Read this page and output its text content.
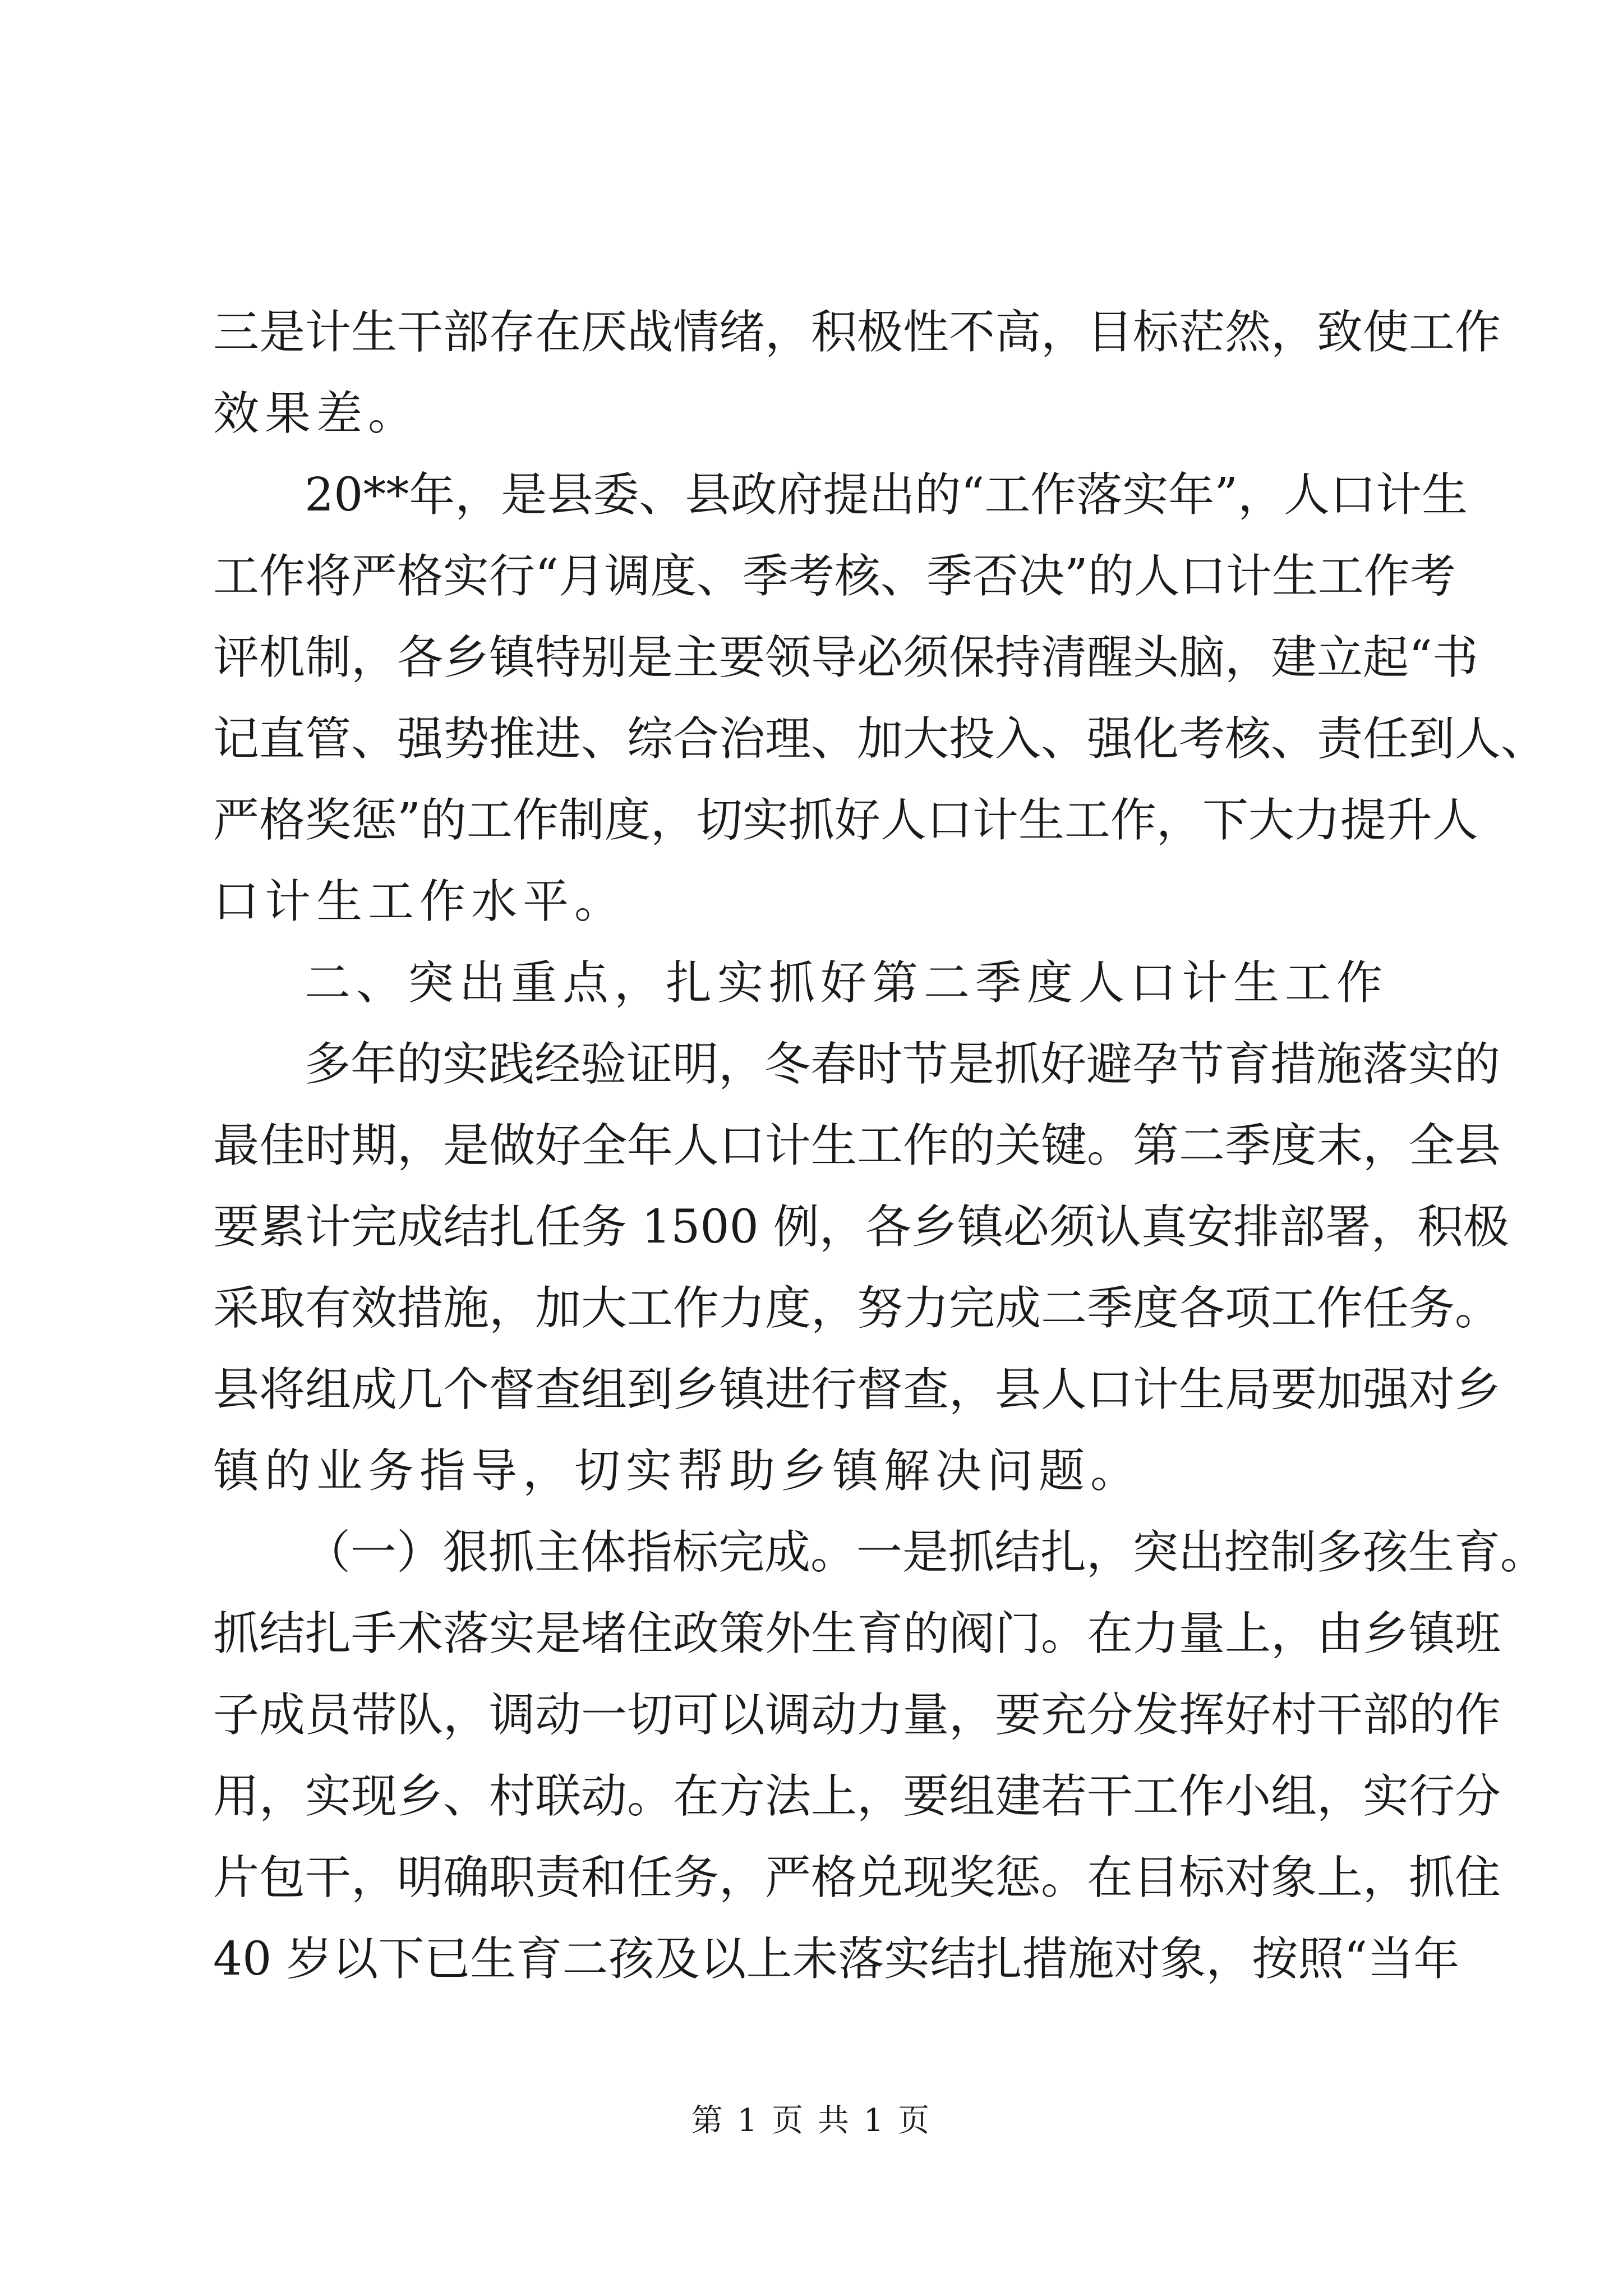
三是计生干部存在厌战情绪，积极性不高，目标茫然，致使工作
效果差。
20**年，是县委、县政府提出的“工作落实年”，人口计生
工作将严格实行“月调度、季考核、季否决”的人口计生工作考
评机制，各乡镇特别是主要领导必须保持清醒头脑，建立起“书
记直管、强势推进、综合治理、加大投入、强化考核、责任到人、
严格奖惩”的工作制度，切实抓好人口计生工作，下大力提升人
口计生工作水平。
二、突出重点，扎实抓好第二季度人口计生工作
多年的实践经验证明，冬春时节是抓好避孕节育措施落实的
最佳时期，是做好全年人口计生工作的关键。第二季度末，全县
要累计完成结扎任务 1500 例，各乡镇必须认真安排部署，积极
采取有效措施，加大工作力度，努力完成二季度各项工作任务。
县将组成几个督查组到乡镇进行督查，县人口计生局要加强对乡
镇的业务指导，切实帮助乡镇解决问题。
（一）狠抓主体指标完成。一是抓结扎，突出控制多孩生育。
抓结扎手术落实是堵住政策外生育的阀门。在力量上，由乡镇班
子成员带队，调动一切可以调动力量，要充分发挥好村干部的作
用，实现乡、村联动。在方法上，要组建若干工作小组，实行分
片包干，明确职责和任务，严格兑现奖惩。在目标对象上，抓住
40 岁以下已生育二孩及以上未落实结扎措施对象，按照“当年
第 1 页 共 1 页
